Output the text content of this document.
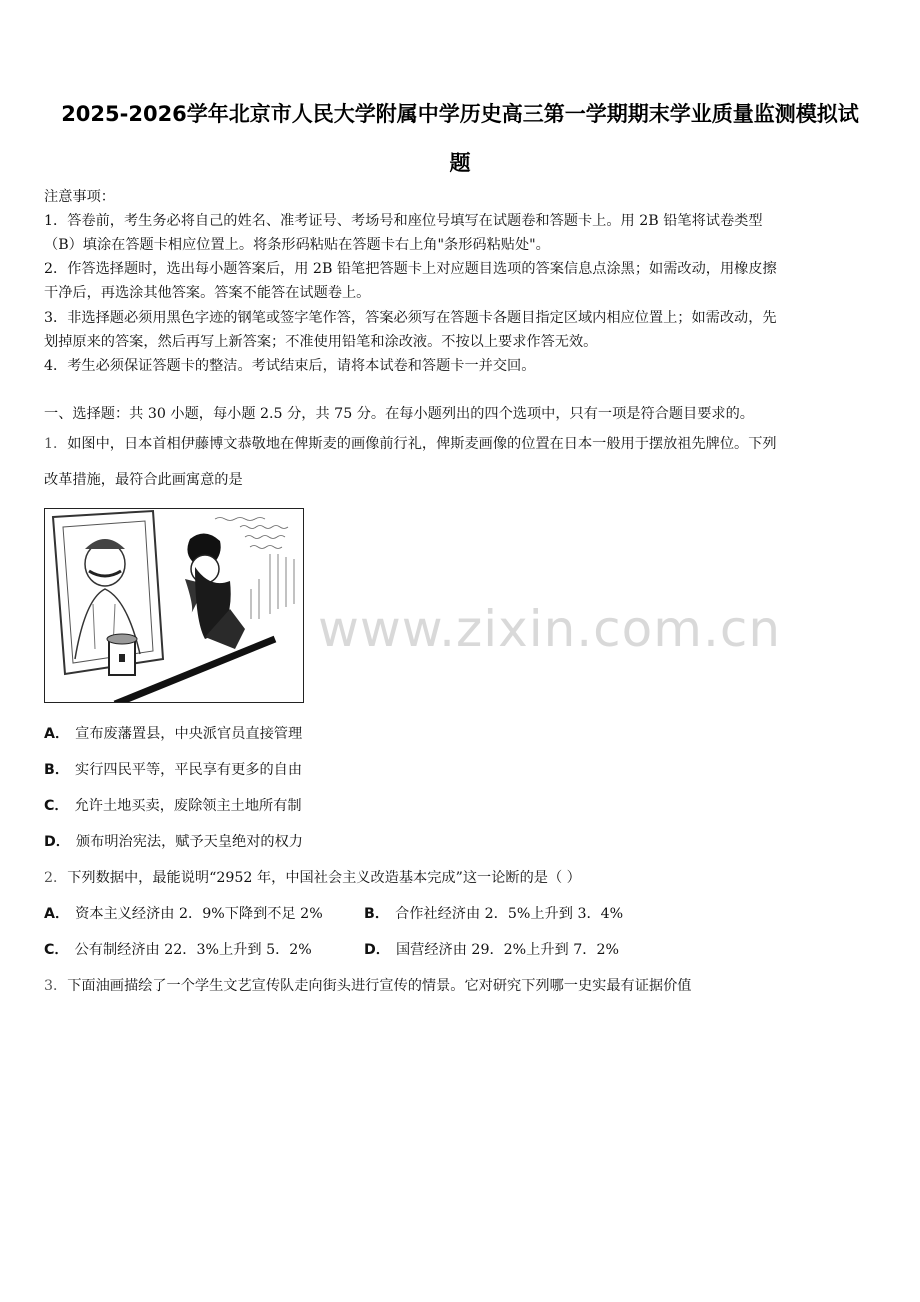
2025-2026学年北京市人民大学附属中学历史高三第一学期期末学业质量监测模拟试
题
注意事项：
1．答卷前，考生务必将自己的姓名、准考证号、考场号和座位号填写在试题卷和答题卡上。用 2B 铅笔将试卷类型
（B）填涂在答题卡相应位置上。将条形码粘贴在答题卡右上角"条形码粘贴处"。
2．作答选择题时，选出每小题答案后，用 2B 铅笔把答题卡上对应题目选项的答案信息点涂黑；如需改动，用橡皮擦
干净后，再选涂其他答案。答案不能答在试题卷上。
3．非选择题必须用黑色字迹的钢笔或签字笔作答，答案必须写在答题卡各题目指定区域内相应位置上；如需改动，先
划掉原来的答案，然后再写上新答案；不准使用铅笔和涂改液。不按以上要求作答无效。
4．考生必须保证答题卡的整洁。考试结束后，请将本试卷和答题卡一并交回。
一、选择题：共 30 小题，每小题 2.5 分，共 75 分。在每小题列出的四个选项中，只有一项是符合题目要求的。
1．如图中，日本首相伊藤博文恭敬地在俾斯麦的画像前行礼，俾斯麦画像的位置在日本一般用于摆放祖先牌位。下列
改革措施，最符合此画寓意的是
www.zixin.com.cn
A． 宣布废藩置县，中央派官员直接管理
B． 实行四民平等，平民享有更多的自由
C． 允许土地买卖，废除领主土地所有制
D． 颁布明治宪法，赋予天皇绝对的权力
2．下列数据中，最能说明“2952 年，中国社会主义改造基本完成”这一论断的是（ ）
A． 资本主义经济由 2．9%下降到不足 2%	B． 合作社经济由 2．5%上升到 3．4%
C． 公有制经济由 22．3%上升到 5．2%	D． 国营经济由 29．2%上升到 7．2%
3．下面油画描绘了一个学生文艺宣传队走向街头进行宣传的情景。它对研究下列哪一史实最有证据价值
